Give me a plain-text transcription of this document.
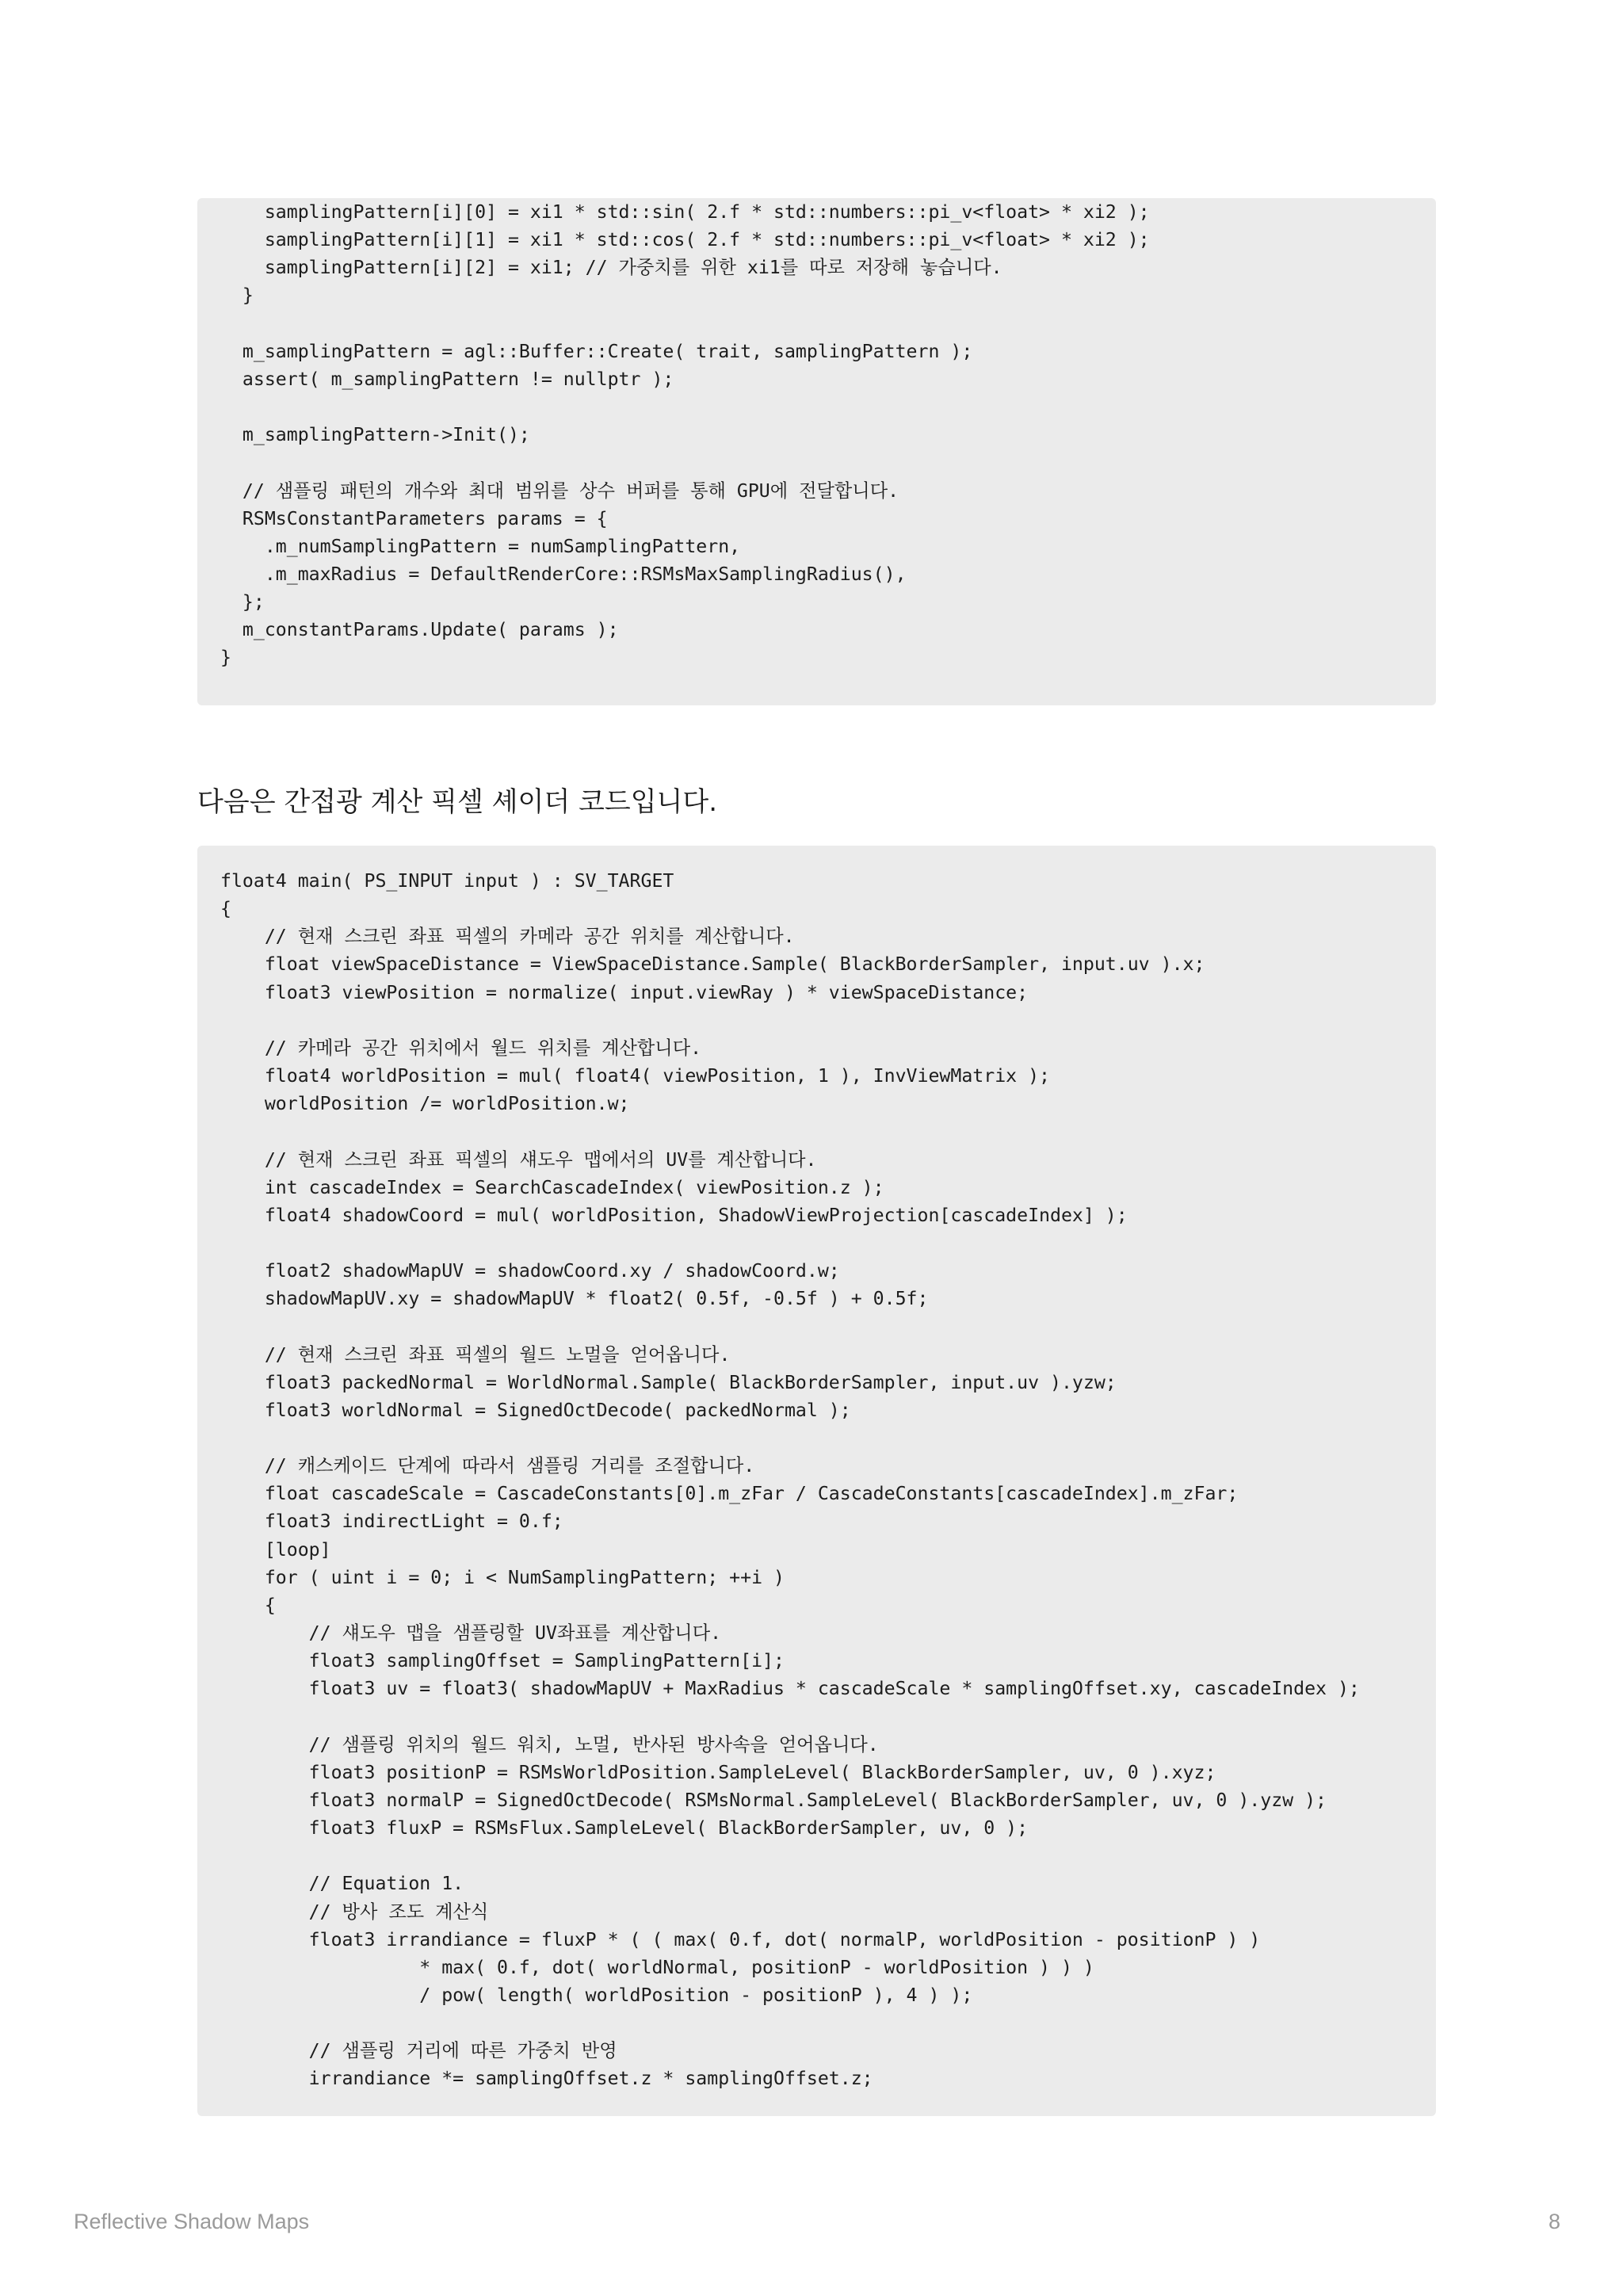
samplingPattern[i][0] = xi1 * std::sin( 2.f * std::numbers::pi_v<float> * xi2 );
samplingPattern[i][1] = xi1 * std::cos( 2.f * std::numbers::pi_v<float> * xi2 );
samplingPattern[i][2] = xi1; // 가중치를 위한 xi1를 따로 저장해 놓습니다.
}
m_samplingPattern = agl::Buffer::Create( trait, samplingPattern );
assert( m_samplingPattern != nullptr );
m_samplingPattern->Init();
// 샘플링 패턴의 개수와 최대 범위를 상수 버퍼를 통해 GPU에 전달합니다.
RSMsConstantParameters params = {
.m_numSamplingPattern = numSamplingPattern,
.m_maxRadius = DefaultRenderCore::RSMsMaxSamplingRadius(),
};
m_constantParams.Update( params );
}
다음은 간접광 계산 픽셀 셰이더 코드입니다.
float4 main( PS_INPUT input ) : SV_TARGET
{
// 현재 스크린 좌표 픽셀의 카메라 공간 위치를 계산합니다.
float viewSpaceDistance = ViewSpaceDistance.Sample( BlackBorderSampler, input.uv ).x;
float3 viewPosition = normalize( input.viewRay ) * viewSpaceDistance;
// 카메라 공간 위치에서 월드 위치를 계산합니다.
float4 worldPosition = mul( float4( viewPosition, 1 ), InvViewMatrix );
worldPosition /= worldPosition.w;
// 현재 스크린 좌표 픽셀의 섀도우 맵에서의 UV를 계산합니다.
int cascadeIndex = SearchCascadeIndex( viewPosition.z );
float4 shadowCoord = mul( worldPosition, ShadowViewProjection[cascadeIndex] );
float2 shadowMapUV = shadowCoord.xy / shadowCoord.w;
shadowMapUV.xy = shadowMapUV * float2( 0.5f, -0.5f ) + 0.5f;
// 현재 스크린 좌표 픽셀의 월드 노멀을 얻어옵니다.
float3 packedNormal = WorldNormal.Sample( BlackBorderSampler, input.uv ).yzw;
float3 worldNormal = SignedOctDecode( packedNormal );
// 캐스케이드 단계에 따라서 샘플링 거리를 조절합니다.
float cascadeScale = CascadeConstants[0].m_zFar / CascadeConstants[cascadeIndex].m_zFar;
float3 indirectLight = 0.f;
[loop]
for ( uint i = 0; i < NumSamplingPattern; ++i )
{
// 섀도우 맵을 샘플링할 UV좌표를 계산합니다.
float3 samplingOffset = SamplingPattern[i];
float3 uv = float3( shadowMapUV + MaxRadius * cascadeScale * samplingOffset.xy, cascadeIndex );
// 샘플링 위치의 월드 워치, 노멀, 반사된 방사속을 얻어옵니다.
float3 positionP = RSMsWorldPosition.SampleLevel( BlackBorderSampler, uv, 0 ).xyz;
float3 normalP = SignedOctDecode( RSMsNormal.SampleLevel( BlackBorderSampler, uv, 0 ).yzw );
float3 fluxP = RSMsFlux.SampleLevel( BlackBorderSampler, uv, 0 );
// Equation 1.
// 방사 조도 계산식
float3 irrandiance = fluxP * ( ( max( 0.f, dot( normalP, worldPosition - positionP ) )
* max( 0.f, dot( worldNormal, positionP - worldPosition ) ) )
/ pow( length( worldPosition - positionP ), 4 ) );
// 샘플링 거리에 따른 가중치 반영
irrandiance *= samplingOffset.z * samplingOffset.z;
Reflective Shadow Maps	8
